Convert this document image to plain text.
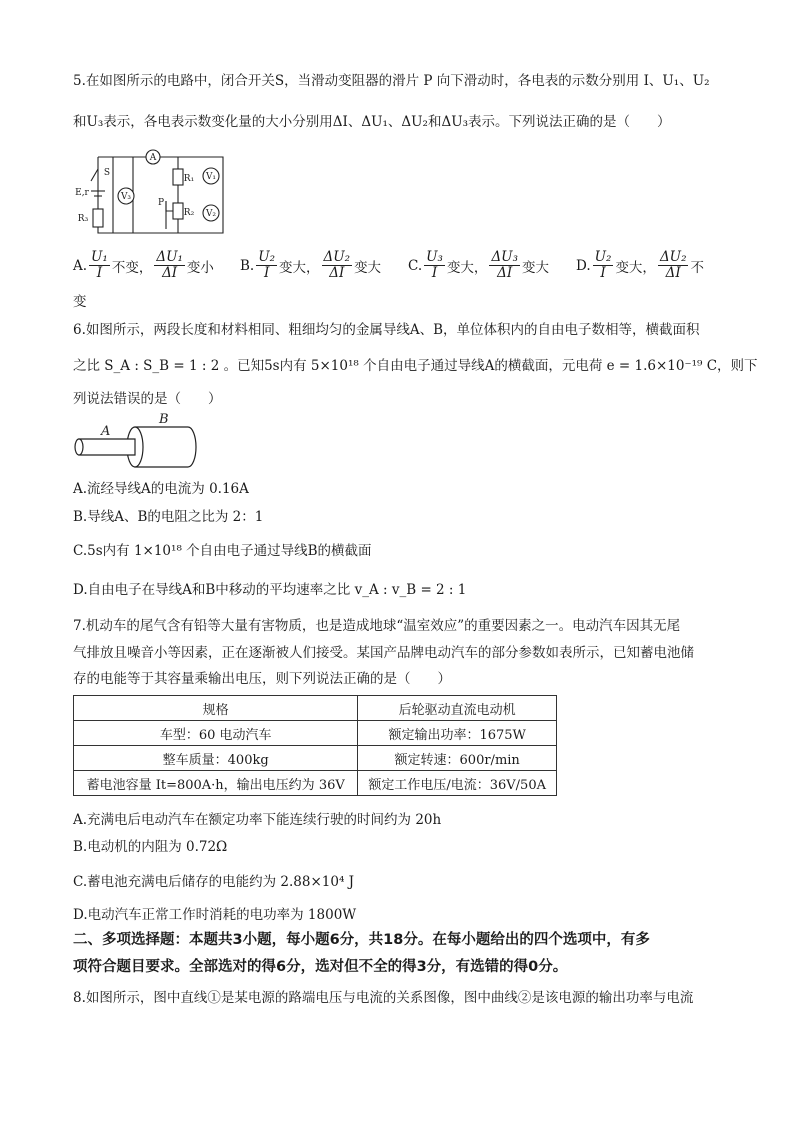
5.在如图所示的电路中，闭合开关S，当滑动变阻器的滑片 P 向下滑动时，各电表的示数分别用 I、U₁、U₂
和U₃表示，各电表示数变化量的大小分别用ΔI、ΔU₁、ΔU₂和ΔU₃表示。下列说法正确的是（　　）
A
V₃
V₁
V₂
R₁
R₂
R₃
S
E,r
P
A. $\frac{\text{U₁}}{I}$ 不变， $\frac{\text{ΔU₁}}{\Delta I}$ 变小 B. $\frac{\text{U₂}}{I}$ 变大， $\frac{\text{ΔU₂}}{\Delta I}$ 变大 C. $\frac{\text{U₃}}{I}$ 变大， $\frac{\text{ΔU₃}}{\Delta I}$ 变大 D. $\frac{\text{U₂}}{I}$ 变大， $\frac{\text{ΔU₂}}{\Delta I}$ 不
变
6.如图所示，两段长度和材料相同、粗细均匀的金属导线A、B，单位体积内的自由电子数相等，横截面积
之比 S_A : S_B = 1 : 2 。已知5s内有 5×10¹⁸ 个自由电子通过导线A的横截面，元电荷 e = 1.6×10⁻¹⁹ C，则下
列说法错误的是（　　）
A
B
A.流经导线A的电流为 0.16A
B.导线A、B的电阻之比为 2：1
C.5s内有 1×10¹⁸ 个自由电子通过导线B的横截面
D.自由电子在导线A和B中移动的平均速率之比 v_A : v_B = 2 : 1
7.机动车的尾气含有铅等大量有害物质，也是造成地球“温室效应”的重要因素之一。电动汽车因其无尾
气排放且噪音小等因素，正在逐渐被人们接受。某国产品牌电动汽车的部分参数如表所示，已知蓄电池储
存的电能等于其容量乘输出电压，则下列说法正确的是（　　）
规格	后轮驱动直流电动机
车型：60 电动汽车	额定输出功率：1675W
整车质量：400kg	额定转速：600r/min
蓄电池容量 It=800A·h，输出电压约为 36V	额定工作电压/电流：36V/50A
A.充满电后电动汽车在额定功率下能连续行驶的时间约为 20h
B.电动机的内阻为 0.72Ω
C.蓄电池充满电后储存的电能约为 2.88×10⁴ J
D.电动汽车正常工作时消耗的电功率为 1800W
二、多项选择题：本题共3小题，每小题6分，共18分。在每小题给出的四个选项中，有多
项符合题目要求。全部选对的得6分，选对但不全的得3分，有选错的得0分。
8.如图所示，图中直线①是某电源的路端电压与电流的关系图像，图中曲线②是该电源的输出功率与电流
